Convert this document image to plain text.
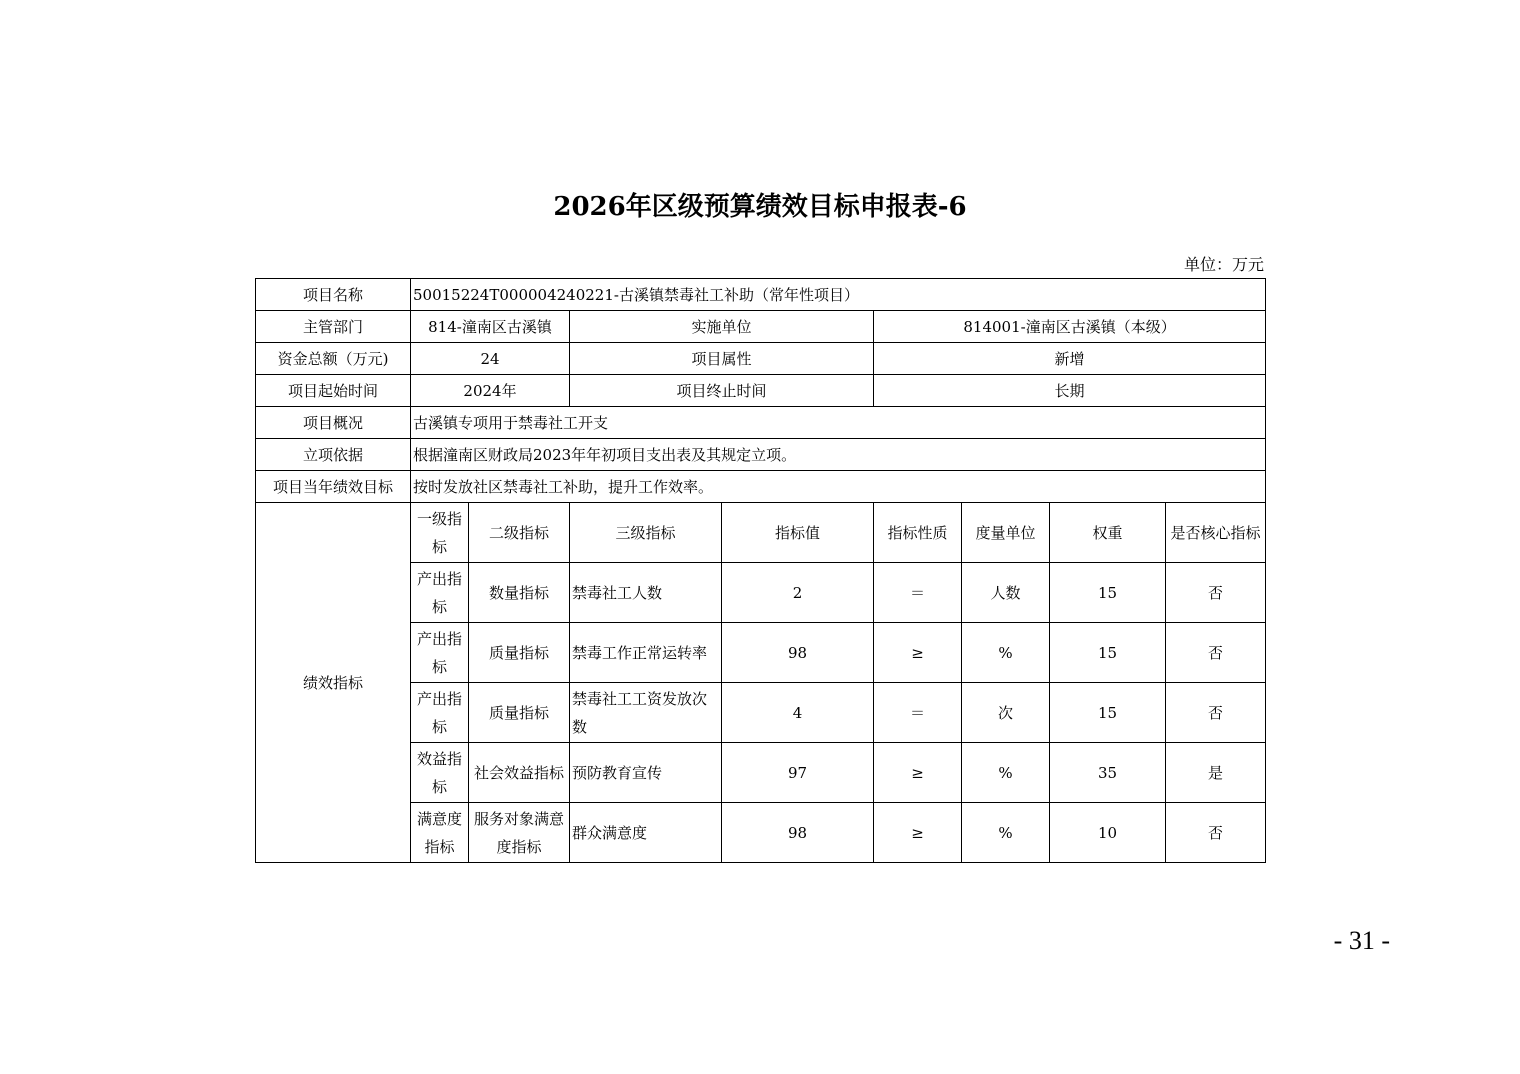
2026年区级预算绩效目标申报表-6
单位：万元
项目名称	50015224T000004240221-古溪镇禁毒社工补助（常年性项目）							
主管部门	814-潼南区古溪镇		实施单位		814001-潼南区古溪镇（本级）			
资金总额（万元)	24		项目属性		新增			
项目起始时间	2024年		项目终止时间		长期			
项目概况	古溪镇专项用于禁毒社工开支							
立项依据	根据潼南区财政局2023年年初项目支出表及其规定立项。							
项目当年绩效目标	按时发放社区禁毒社工补助，提升工作效率。							
绩效指标	一级指标	二级指标	三级指标	指标值	指标性质	度量单位	权重	是否核心指标
	产出指标	数量指标	禁毒社工人数	2	＝	人数	15	否
	产出指标	质量指标	禁毒工作正常运转率	98	≥	%	15	否
	产出指标	质量指标	禁毒社工工资发放次数	4	＝	次	15	否
	效益指标	社会效益指标	预防教育宣传	97	≥	%	35	是
	满意度指标	服务对象满意度指标	群众满意度	98	≥	%	10	否
- 31 -
